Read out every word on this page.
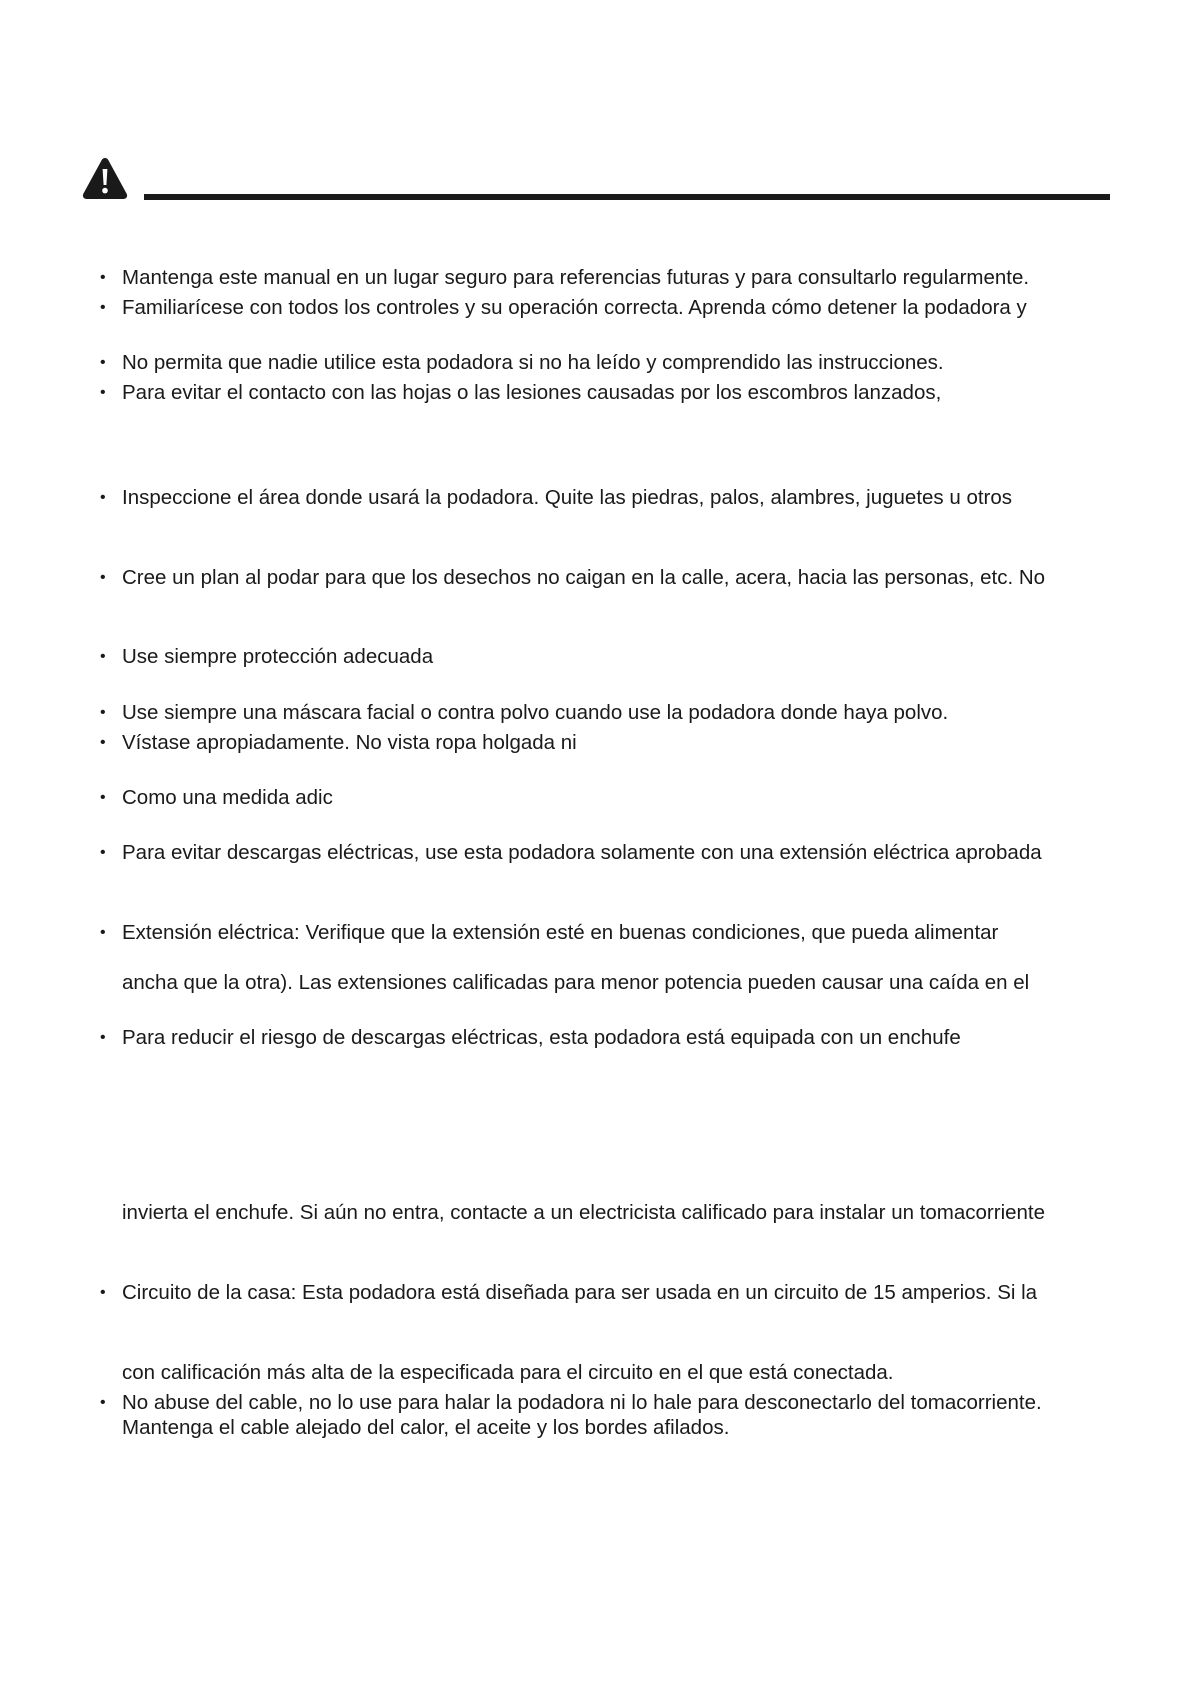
• Mantenga este manual en un lugar seguro para referencias futuras y para consultarlo regularmente.
• Familiarícese con todos los controles y su operación correcta. Aprenda cómo detener la podadora y
• No permita que nadie utilice esta podadora si no ha leído y comprendido las instrucciones.
• Para evitar el contacto con las hojas o las lesiones causadas por los escombros lanzados,
• Inspeccione el área donde usará la podadora. Quite las piedras, palos, alambres, juguetes u otros
• Cree un plan al podar para que los desechos no caigan en la calle, acera, hacia las personas, etc. No
• Use siempre protección adecuada
• Use siempre una máscara facial o contra polvo cuando use la podadora donde haya polvo.
• Vístase apropiadamente. No vista ropa holgada ni
• Como una medida adic
• Para evitar descargas eléctricas, use esta podadora solamente con una extensión eléctrica aprobada
• Extensión eléctrica: Verifique que la extensión esté en buenas condiciones, que pueda alimentar
ancha que la otra). Las extensiones calificadas para menor potencia pueden causar una caída en el
• Para reducir el riesgo de descargas eléctricas, esta podadora está equipada con un enchufe
invierta el enchufe. Si aún no entra, contacte a un electricista calificado para instalar un tomacorriente
• Circuito de la casa: Esta podadora está diseñada para ser usada en un circuito de 15 amperios. Si la
con calificación más alta de la especificada para el circuito en el que está conectada.
• No abuse del cable, no lo use para halar la podadora ni lo hale para desconectarlo del tomacorriente.
Mantenga el cable alejado del calor, el aceite y los bordes afilados.
